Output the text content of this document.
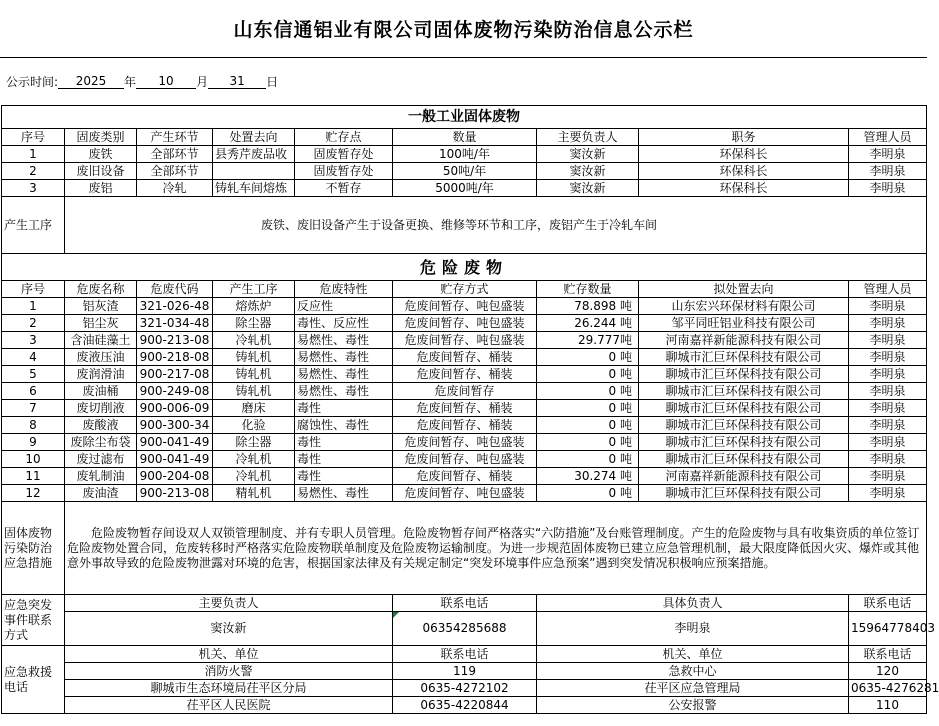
山东信通铝业有限公司固体废物污染防治信息公示栏
公示时间:	2025	年	10	月	31	日
一般工业固体废物								
序号	固废类别	产生环节	处置去向	贮存点	数量	主要负责人	职务	管理人员
1	废铁	全部环节	县秀芹废品收	固废暂存处	100吨/年	窦汝新	环保科长	李明泉
2	废旧设备	全部环节		固废暂存处	50吨/年	窦汝新	环保科长	李明泉
3	废铝	冷轧	铸轧车间熔炼	不暂存	5000吨/年	窦汝新	环保科长	李明泉
产生工序	废铁、废旧设备产生于设备更换、维修等环节和工序，废铝产生于冷轧车间							
危险废物								
序号	危废名称	危废代码	产生工序	危废特性	贮存方式	贮存数量	拟处置去向	管理人员
1	铝灰渣	321-026-48	熔炼炉	反应性	危废间暂存、吨包盛装	78.898 吨	山东宏兴环保材料有限公司	李明泉
2	铝尘灰	321-034-48	除尘器	毒性、反应性	危废间暂存、吨包盛装	26.244 吨	邹平同旺铝业科技有限公司	李明泉
3	含油硅藻土	900-213-08	冷轧机	易燃性、毒性	危废间暂存、吨包盛装	29.777吨	河南嘉祥新能源科技有限公司	李明泉
4	废液压油	900-218-08	铸轧机	易燃性、毒性	危废间暂存、桶装	0 吨	聊城市汇巨环保科技有限公司	李明泉
5	废润滑油	900-217-08	铸轧机	易燃性、毒性	危废间暂存、桶装	0 吨	聊城市汇巨环保科技有限公司	李明泉
6	废油桶	900-249-08	铸轧机	易燃性、毒性	危废间暂存	0 吨	聊城市汇巨环保科技有限公司	李明泉
7	废切削液	900-006-09	磨床	毒性	危废间暂存、桶装	0 吨	聊城市汇巨环保科技有限公司	李明泉
8	废酸液	900-300-34	化验	腐蚀性、毒性	危废间暂存、桶装	0 吨	聊城市汇巨环保科技有限公司	李明泉
9	废除尘布袋	900-041-49	除尘器	毒性	危废间暂存、吨包盛装	0 吨	聊城市汇巨环保科技有限公司	李明泉
10	废过滤布	900-041-49	冷轧机	毒性	危废间暂存、吨包盛装	0 吨	聊城市汇巨环保科技有限公司	李明泉
11	废轧制油	900-204-08	冷轧机	毒性	危废间暂存、桶装	30.274 吨	河南嘉祥新能源科技有限公司	李明泉
12	废油渣	900-213-08	精轧机	易燃性、毒性	危废间暂存、吨包盛装	0 吨	聊城市汇巨环保科技有限公司	李明泉
固体废物污染防治应急措施	危险废物暂存间设双人双锁管理制度、并有专职人员管理。危险废物暂存间严格落实“六防措施”及台账管理制度。产生的危险废物与具有收集资质的单位签订危险废物处置合同，危废转移时严格落实危险废物联单制度及危险废物运输制度。为进一步规范固体废物已建立应急管理机制，最大限度降低因火灾、爆炸或其他意外事故导致的危险废物泄露对环境的危害，根据国家法律及有关规定制定“突发环境事件应急预案”遇到突发情况积极响应预案措施。							
应急突发事件联系方式	主要负责人				联系电话	具体负责人		联系电话
	窦汝新				06354285688	李明泉		15964778403
应急救援电话	机关、单位				联系电话	机关、单位		联系电话
	消防火警				119	急救中心		120
	聊城市生态环境局茌平区分局				0635-4272102	茌平区应急管理局		0635-4276281
	茌平区人民医院				0635-4220844	公安报警		110
